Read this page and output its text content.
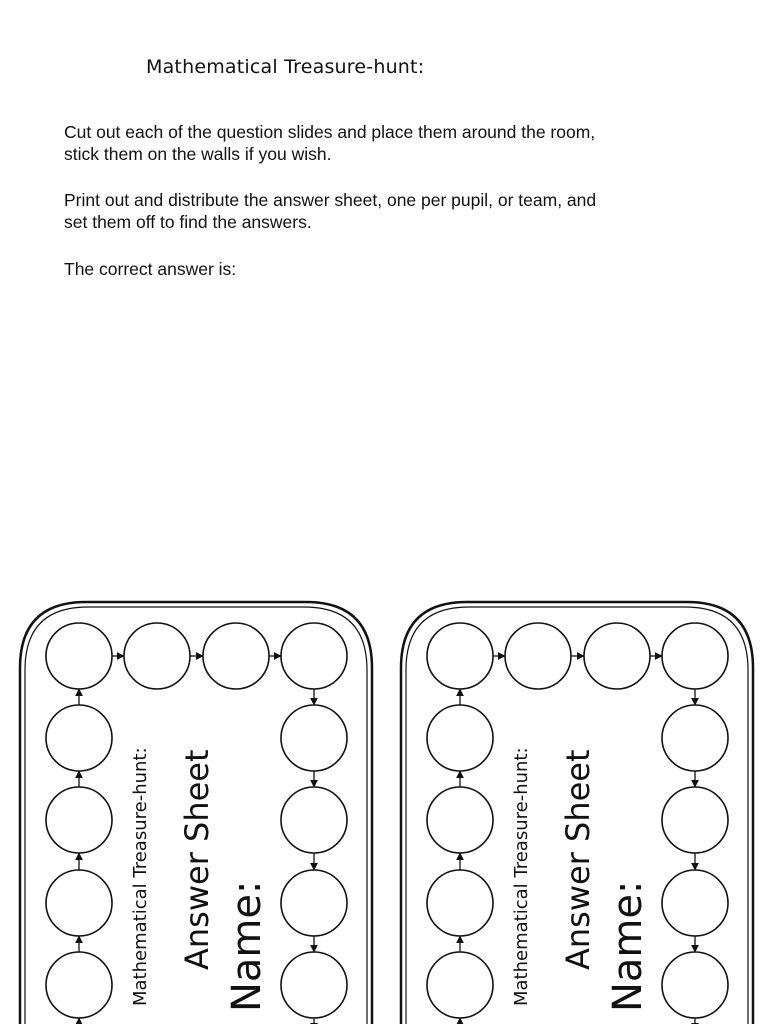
Mathematical Treasure-hunt:
Cut out each of the question slides and place them around the room,
stick them on the walls if you wish.
Print out and distribute the answer sheet, one per pupil, or team, and
set them off to find the answers.
The correct answer is:
Mathematical Treasure-hunt: Answer Sheet Name:	Mathematical Treasure-hunt: Answer Sheet Name:
